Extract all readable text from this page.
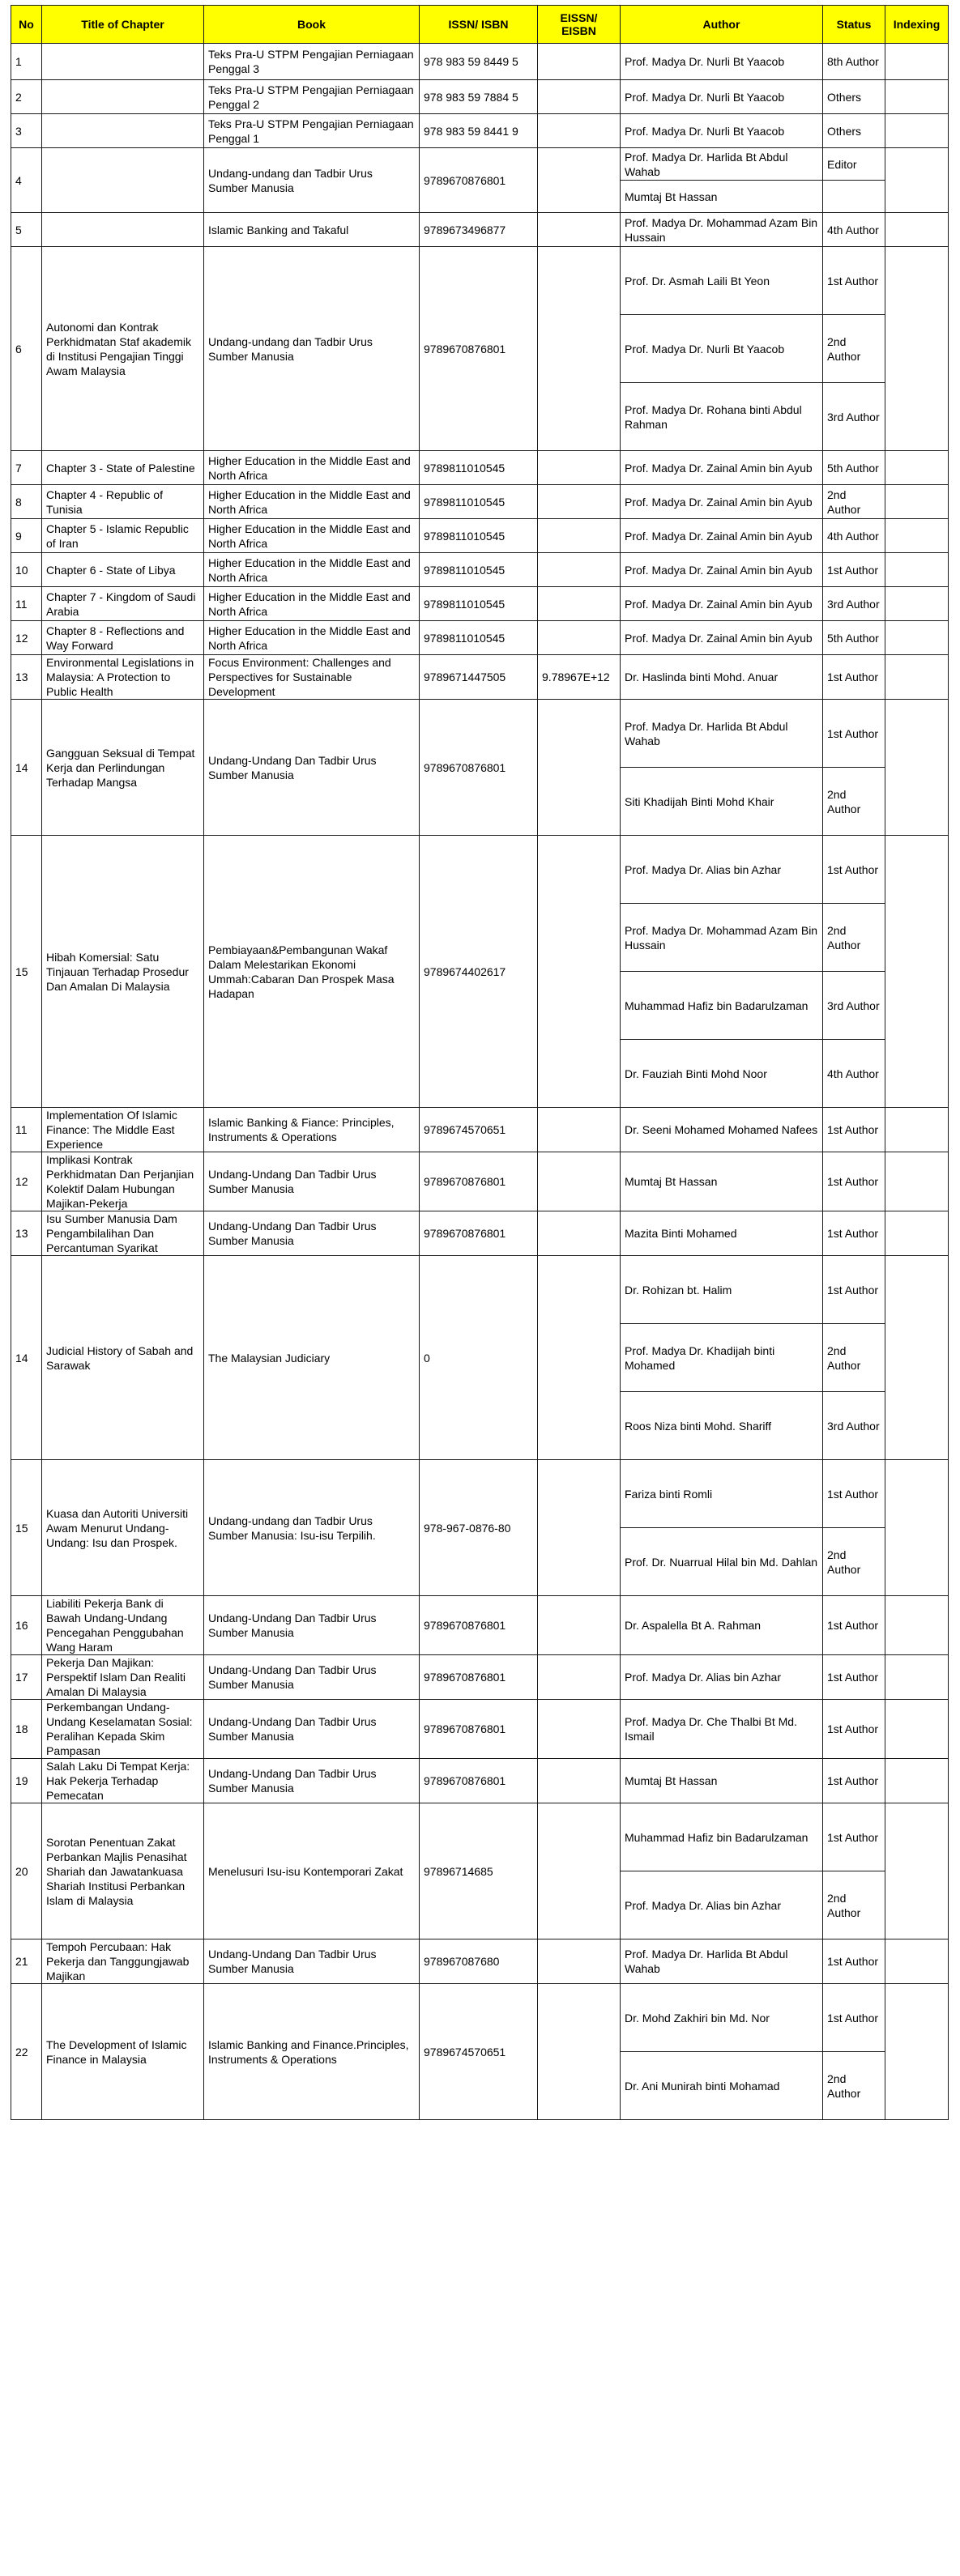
No	Title of Chapter	Book	ISSN/ ISBN	EISSN/ EISBN	Author	Status	Indexing
1		Teks Pra-U STPM Pengajian Perniagaan Penggal 3	978 983 59 8449 5		Prof. Madya Dr. Nurli Bt Yaacob	8th Author	
2		Teks Pra-U STPM Pengajian Perniagaan Penggal 2	978 983 59 7884 5		Prof. Madya Dr. Nurli Bt Yaacob	Others	
3		Teks Pra-U STPM Pengajian Perniagaan Penggal 1	978 983 59 8441 9		Prof. Madya Dr. Nurli Bt Yaacob	Others	
4		Undang-undang dan Tadbir Urus Sumber Manusia	9789670876801		Prof. Madya Dr. Harlida Bt Abdul Wahab	Editor	
					Mumtaj Bt Hassan		
5		Islamic Banking and Takaful	9789673496877		Prof. Madya Dr. Mohammad Azam Bin Hussain	4th Author	
6	Autonomi dan Kontrak Perkhidmatan Staf akademik di Institusi Pengajian Tinggi Awam Malaysia	Undang-undang dan Tadbir Urus Sumber Manusia	9789670876801		Prof. Dr. Asmah Laili Bt Yeon	1st Author	
					Prof. Madya Dr. Nurli Bt Yaacob	2nd Author	
					Prof. Madya Dr. Rohana binti Abdul Rahman	3rd Author	
7	Chapter 3 - State of Palestine	Higher Education in the Middle East and North Africa	9789811010545		Prof. Madya Dr. Zainal Amin bin Ayub	5th Author	
8	Chapter 4 - Republic of Tunisia	Higher Education in the Middle East and North Africa	9789811010545		Prof. Madya Dr. Zainal Amin bin Ayub	2nd Author	
9	Chapter 5 - Islamic Republic of Iran	Higher Education in the Middle East and North Africa	9789811010545		Prof. Madya Dr. Zainal Amin bin Ayub	4th Author	
10	Chapter 6 - State of Libya	Higher Education in the Middle East and North Africa	9789811010545		Prof. Madya Dr. Zainal Amin bin Ayub	1st Author	
11	Chapter 7 - Kingdom of Saudi Arabia	Higher Education in the Middle East and North Africa	9789811010545		Prof. Madya Dr. Zainal Amin bin Ayub	3rd Author	
12	Chapter 8 - Reflections and Way Forward	Higher Education in the Middle East and North Africa	9789811010545		Prof. Madya Dr. Zainal Amin bin Ayub	5th Author	
13	Environmental Legislations in Malaysia: A Protection to Public Health	Focus Environment: Challenges and Perspectives for Sustainable Development	9789671447505	9.78967E+12	Dr. Haslinda binti Mohd. Anuar	1st Author	
14	Gangguan Seksual di Tempat Kerja dan Perlindungan Terhadap Mangsa	Undang-Undang Dan Tadbir Urus Sumber Manusia	9789670876801		Prof. Madya Dr. Harlida Bt Abdul Wahab	1st Author	
					Siti Khadijah Binti Mohd Khair	2nd Author	
15	Hibah Komersial: Satu Tinjauan Terhadap Prosedur Dan Amalan Di Malaysia	Pembiayaan&Pembangunan Wakaf Dalam Melestarikan Ekonomi Ummah:Cabaran Dan Prospek Masa Hadapan	9789674402617		Prof. Madya Dr. Alias bin Azhar	1st Author	
					Prof. Madya Dr. Mohammad Azam Bin Hussain	2nd Author	
					Muhammad Hafiz bin Badarulzaman	3rd Author	
					Dr. Fauziah Binti Mohd Noor	4th Author	
11	Implementation Of Islamic Finance: The Middle East Experience	Islamic Banking & Fiance: Principles, Instruments & Operations	9789674570651		Dr. Seeni Mohamed Mohamed Nafees	1st Author	
12	Implikasi Kontrak Perkhidmatan Dan Perjanjian Kolektif Dalam Hubungan Majikan-Pekerja	Undang-Undang Dan Tadbir Urus Sumber Manusia	9789670876801		Mumtaj Bt Hassan	1st Author	
13	Isu Sumber Manusia Dam Pengambilalihan Dan Percantuman Syarikat	Undang-Undang Dan Tadbir Urus Sumber Manusia	9789670876801		Mazita Binti Mohamed	1st Author	
14	Judicial History of Sabah and Sarawak	The Malaysian Judiciary	0		Dr. Rohizan bt. Halim	1st Author	
					Prof. Madya Dr. Khadijah binti Mohamed	2nd Author	
					Roos Niza binti Mohd. Shariff	3rd Author	
15	Kuasa dan Autoriti Universiti Awam Menurut Undang-Undang: Isu dan Prospek.	Undang-undang dan Tadbir Urus Sumber Manusia: Isu-isu Terpilih.	978-967-0876-80		Fariza binti Romli	1st Author	
					Prof. Dr. Nuarrual Hilal bin Md. Dahlan	2nd Author	
16	Liabiliti Pekerja Bank di Bawah Undang-Undang Pencegahan Penggubahan Wang Haram	Undang-Undang Dan Tadbir Urus Sumber Manusia	9789670876801		Dr. Aspalella Bt A. Rahman	1st Author	
17	Pekerja Dan Majikan: Perspektif Islam Dan Realiti Amalan Di Malaysia	Undang-Undang Dan Tadbir Urus Sumber Manusia	9789670876801		Prof. Madya Dr. Alias bin Azhar	1st Author	
18	Perkembangan Undang-Undang Keselamatan Sosial: Peralihan Kepada Skim Pampasan	Undang-Undang Dan Tadbir Urus Sumber Manusia	9789670876801		Prof. Madya Dr. Che Thalbi Bt Md. Ismail	1st Author	
19	Salah Laku Di Tempat Kerja: Hak Pekerja Terhadap Pemecatan	Undang-Undang Dan Tadbir Urus Sumber Manusia	9789670876801		Mumtaj Bt Hassan	1st Author	
20	Sorotan Penentuan Zakat Perbankan Majlis Penasihat Shariah dan Jawatankuasa Shariah Institusi Perbankan Islam di Malaysia	Menelusuri Isu-isu Kontemporari Zakat	97896714685		Muhammad Hafiz bin Badarulzaman	1st Author	
					Prof. Madya Dr. Alias bin Azhar	2nd Author	
21	Tempoh Percubaan: Hak Pekerja dan Tanggungjawab Majikan	Undang-Undang Dan Tadbir Urus Sumber Manusia	978967087680		Prof. Madya Dr. Harlida Bt Abdul Wahab	1st Author	
22	The Development of Islamic Finance in Malaysia	Islamic Banking and Finance.Principles, Instruments & Operations	9789674570651		Dr. Mohd Zakhiri bin Md. Nor	1st Author	
					Dr. Ani Munirah binti Mohamad	2nd Author	
